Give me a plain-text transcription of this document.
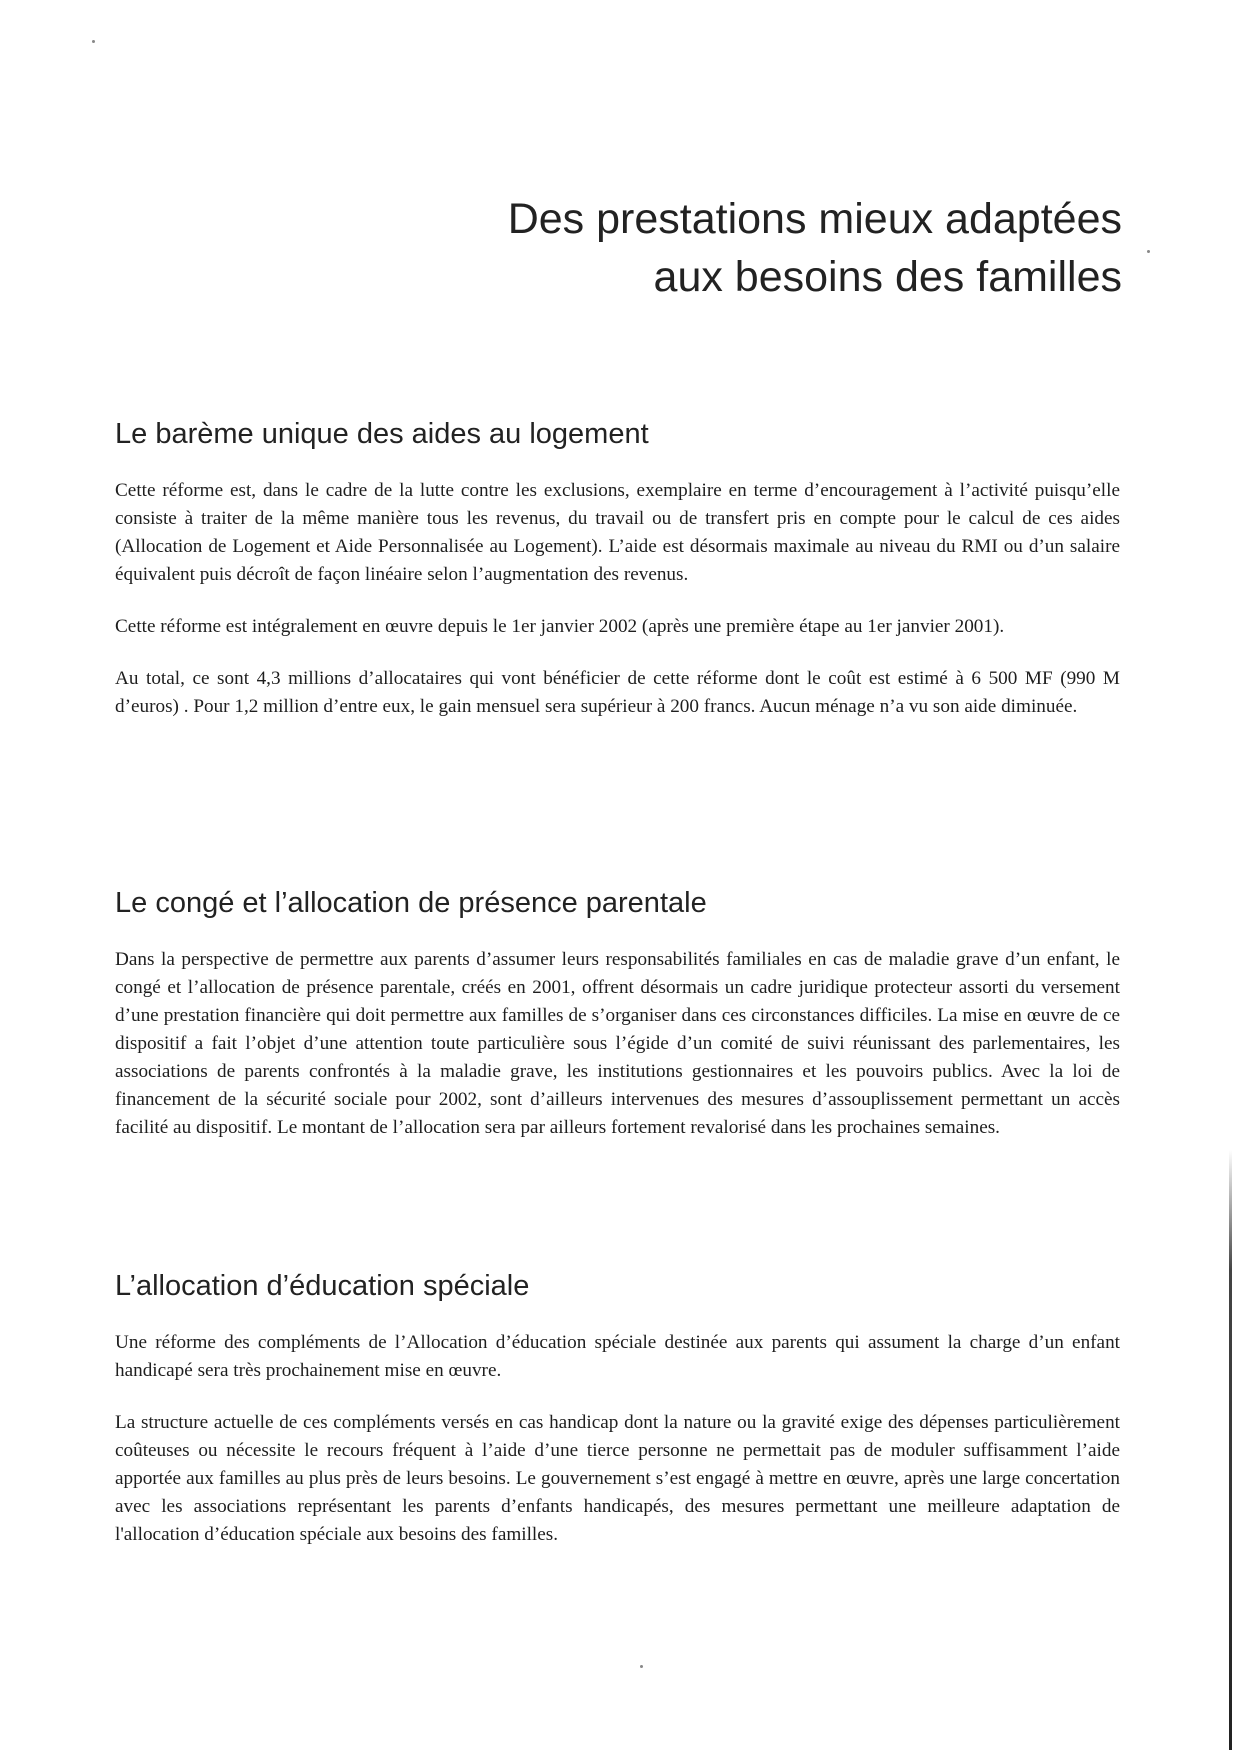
Des prestations mieux adaptées
aux besoins des familles
Le barème unique des aides au logement

Cette réforme est, dans le cadre de la lutte contre les exclusions, exemplaire en terme d’encouragement à l’activité puisqu’elle consiste à traiter de la même manière tous les revenus, du travail ou de transfert pris en compte pour le calcul de ces aides (Allocation de Logement et Aide Personnalisée au Logement). L’aide est désormais maximale au niveau du RMI ou d’un salaire équivalent puis décroît de façon linéaire selon l’augmentation des revenus.

Cette réforme est intégralement en œuvre depuis le 1er janvier 2002 (après une première étape au 1er janvier 2001).

Au total, ce sont 4,3 millions d’allocataires qui vont bénéficier de cette réforme dont le coût est estimé à 6 500 MF (990 M d’euros) . Pour 1,2 million d’entre eux, le gain mensuel sera supérieur à 200 francs. Aucun ménage n’a vu son aide diminuée.

Le congé et l’allocation de présence parentale

Dans la perspective de permettre aux parents d’assumer leurs responsabilités familiales en cas de maladie grave d’un enfant, le congé et l’allocation de présence parentale, créés en 2001, offrent désormais un cadre juridique protecteur assorti du versement d’une prestation financière qui doit permettre aux familles de s’organiser dans ces circonstances difficiles. La mise en œuvre de ce dispositif a fait l’objet d’une attention toute particulière sous l’égide d’un comité de suivi réunissant des parlementaires, les associations de parents confrontés à la maladie grave, les institutions gestionnaires et les pouvoirs publics. Avec la loi de financement de la sécurité sociale pour 2002, sont d’ailleurs intervenues des mesures d’assouplissement permettant un accès facilité au dispositif. Le montant de l’allocation sera par ailleurs fortement revalorisé dans les prochaines semaines.

L’allocation d’éducation spéciale

Une réforme des compléments de l’Allocation d’éducation spéciale destinée aux parents qui assument la charge d’un enfant handicapé sera très prochainement mise en œuvre.

La structure actuelle de ces compléments versés en cas handicap dont la nature ou la gravité exige des dépenses particulièrement coûteuses ou nécessite le recours fréquent à l’aide d’une tierce personne ne permettait pas de moduler suffisamment l’aide apportée aux familles au plus près de leurs besoins. Le gouvernement s’est engagé à mettre en œuvre, après une large concertation avec les associations représentant les parents d’enfants handicapés, des mesures permettant une meilleure adaptation de l'allocation d’éducation spéciale aux besoins des familles.
